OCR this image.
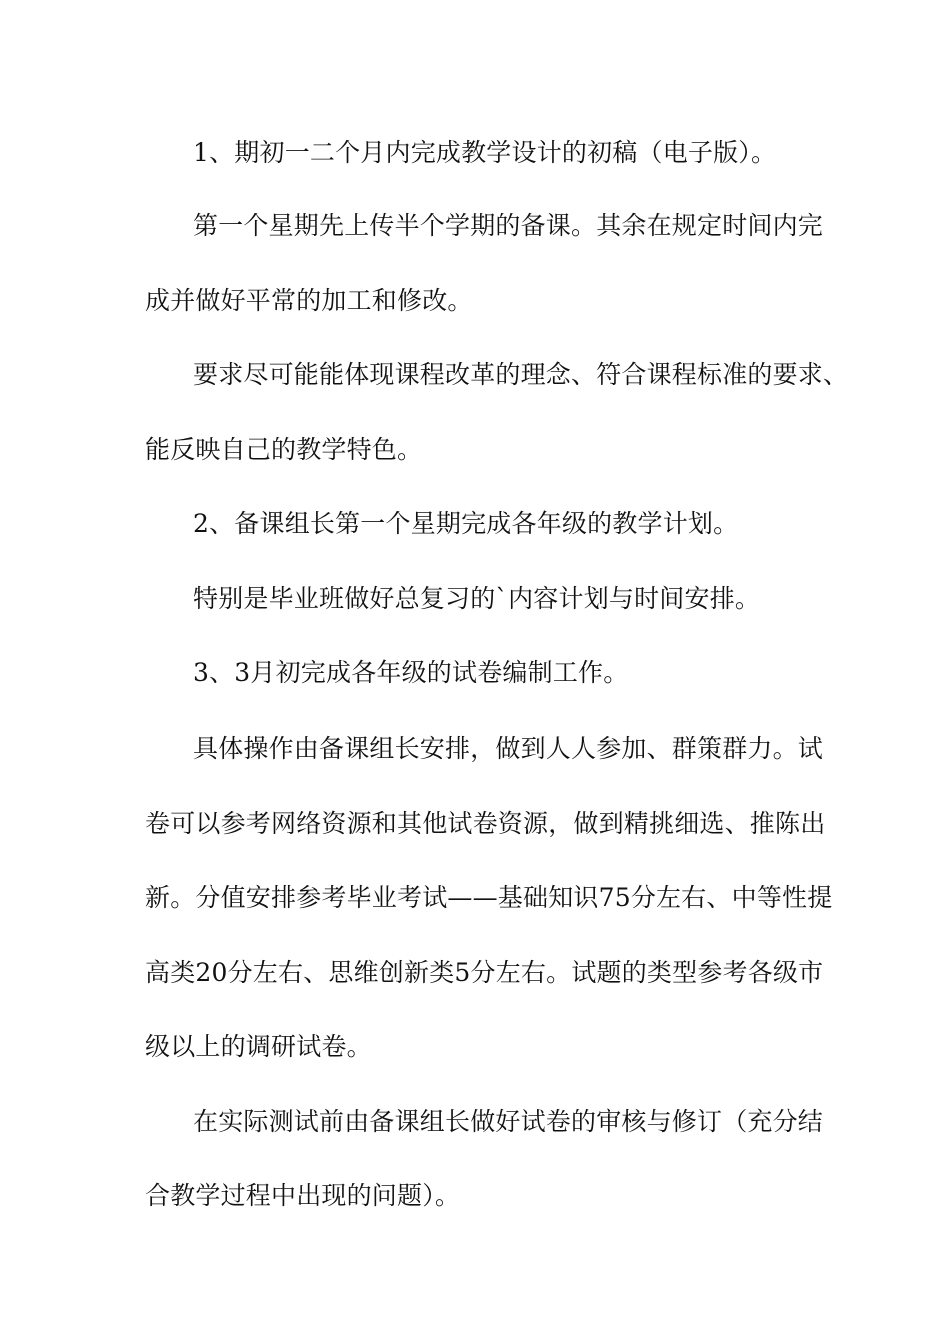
1、期初一二个月内完成教学设计的初稿（电子版）。
第一个星期先上传半个学期的备课。其余在规定时间内完
成并做好平常的加工和修改。
要求尽可能能体现课程改革的理念、符合课程标准的要求、
能反映自己的教学特色。
2、备课组长第一个星期完成各年级的教学计划。
特别是毕业班做好总复习的`内容计划与时间安排。
3、3月初完成各年级的试卷编制工作。
具体操作由备课组长安排，做到人人参加、群策群力。试
卷可以参考网络资源和其他试卷资源，做到精挑细选、推陈出
新。分值安排参考毕业考试——基础知识75分左右、中等性提
高类20分左右、思维创新类5分左右。试题的类型参考各级市
级以上的调研试卷。
在实际测试前由备课组长做好试卷的审核与修订（充分结
合教学过程中出现的问题）。
